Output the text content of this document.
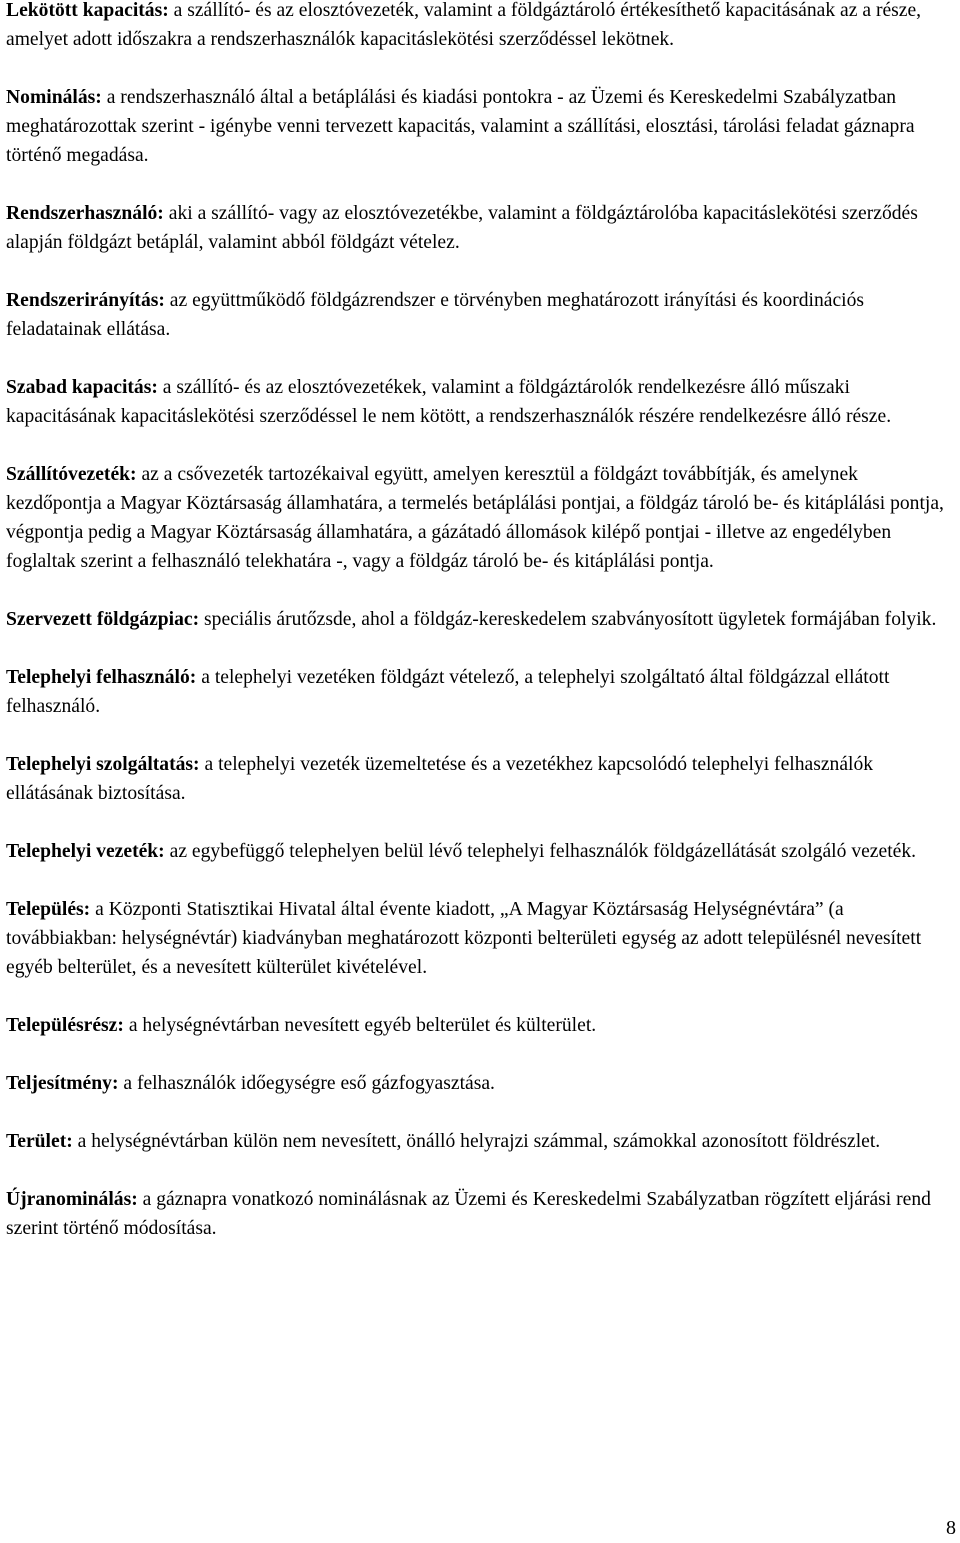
Lekötött kapacitás: a szállító- és az elosztóvezeték, valamint a földgáztároló értékesíthető kapacitásának az a része, amelyet adott időszakra a rendszerhasználók kapacitáslekötési szerződéssel lekötnek.

Nominálás: a rendszerhasználó által a betáplálási és kiadási pontokra - az Üzemi és Kereskedelmi Szabályzatban meghatározottak szerint - igénybe venni tervezett kapacitás, valamint a szállítási, elosztási, tárolási feladat gáznapra történő megadása.

Rendszerhasználó: aki a szállító- vagy az elosztóvezetékbe, valamint a földgáztárolóba kapacitáslekötési szerződés alapján földgázt betáplál, valamint abból földgázt vételez.

Rendszerirányítás: az együttműködő földgázrendszer e törvényben meghatározott irányítási és koordinációs feladatainak ellátása.

Szabad kapacitás: a szállító- és az elosztóvezetékek, valamint a földgáztárolók rendelkezésre álló műszaki kapacitásának kapacitáslekötési szerződéssel le nem kötött, a rendszerhasználók részére rendelkezésre álló része.

Szállítóvezeték: az a csővezeték tartozékaival együtt, amelyen keresztül a földgázt továbbítják, és amelynek kezdőpontja a Magyar Köztársaság államhatára, a termelés betáplálási pontjai, a földgáz tároló be- és kitáplálási pontja, végpontja pedig a Magyar Köztársaság államhatára, a gázátadó állomások kilépő pontjai - illetve az engedélyben foglaltak szerint a felhasználó telekhatára -, vagy a földgáz tároló be- és kitáplálási pontja.

Szervezett földgázpiac: speciális árutőzsde, ahol a földgáz-kereskedelem szabványosított ügyletek formájában folyik.

Telephelyi felhasználó: a telephelyi vezetéken földgázt vételező, a telephelyi szolgáltató által földgázzal ellátott felhasználó.

Telephelyi szolgáltatás: a telephelyi vezeték üzemeltetése és a vezetékhez kapcsolódó telephelyi felhasználók ellátásának biztosítása.

Telephelyi vezeték: az egybefüggő telephelyen belül lévő telephelyi felhasználók földgázellátását szolgáló vezeték.

Település: a Központi Statisztikai Hivatal által évente kiadott, „A Magyar Köztársaság Helységnévtára” (a továbbiakban: helységnévtár) kiadványban meghatározott központi belterületi egység az adott településnél nevesített egyéb belterület, és a nevesített külterület kivételével.

Településrész: a helységnévtárban nevesített egyéb belterület és külterület.

Teljesítmény: a felhasználók időegységre eső gázfogyasztása.

Terület: a helységnévtárban külön nem nevesített, önálló helyrajzi számmal, számokkal azonosított földrészlet.

Újranominálás: a gáznapra vonatkozó nominálásnak az Üzemi és Kereskedelmi Szabályzatban rögzített eljárási rend szerint történő módosítása.

8
